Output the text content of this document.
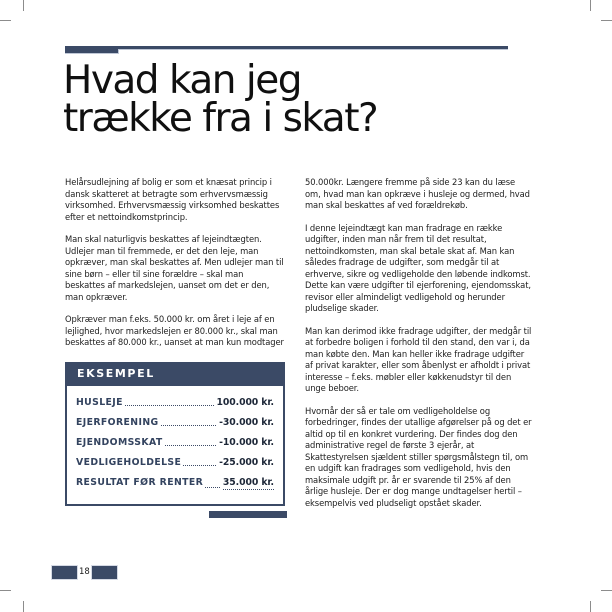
Hvad kan jeg
trække fra i skat?

Helårsudlejning af bolig er som et knæsat princip i dansk skatteret at betragte som erhvervsmæssig virksomhed. Erhvervsmæssig virksomhed beskattes efter et nettoindkomstprincip.

Man skal naturligvis beskattes af lejeindtægten. Udlejer man til fremmede, er det den leje, man opkræver, man skal beskattes af. Men udlejer man til sine børn – eller til sine forældre – skal man beskattes af markedslejen, uanset om det er den, man opkræver.

Opkræver man f.eks. 50.000 kr. om året i leje af en lejlighed, hvor markedslejen er 80.000 kr., skal man beskattes af 80.000 kr., uanset at man kun modtager

EKSEMPEL
HUSLEJE	100.000 kr.
EJERFORENING	-30.000 kr.
EJENDOMSSKAT	-10.000 kr.
VEDLIGEHOLDELSE	-25.000 kr.
RESULTAT FØR RENTER 35.000 kr.

50.000kr. Længere fremme på side 23 kan du læse om, hvad man kan opkræve i husleje og dermed, hvad man skal beskattes af ved forældrekøb.

I denne lejeindtægt kan man fradrage en række udgifter, inden man når frem til det resultat, nettoindkomsten, man skal betale skat af. Man kan således fradrage de udgifter, som medgår til at erhverve, sikre og vedligeholde den løbende indkomst. Dette kan være udgifter til ejerforening, ejendomsskat, revisor eller almindeligt vedligehold og herunder pludselige skader.

Man kan derimod ikke fradrage udgifter, der medgår til at forbedre boligen i forhold til den stand, den var i, da man købte den. Man kan heller ikke fradrage udgifter af privat karakter, eller som åbenlyst er afholdt i privat interesse – f.eks. møbler eller køkkenudstyr til den unge beboer.

Hvornår der så er tale om vedligeholdelse og forbedringer, findes der utallige afgørelser på og det er altid op til en konkret vurdering. Der findes dog den administrative regel de første 3 ejerår, at Skattestyrelsen sjældent stiller spørgsmålstegn til, om en udgift kan fradrages som vedligehold, hvis den maksimale udgift pr. år er svarende til 25% af den årlige husleje. Der er dog mange undtagelser hertil – eksempelvis ved pludseligt opstået skader.

18
